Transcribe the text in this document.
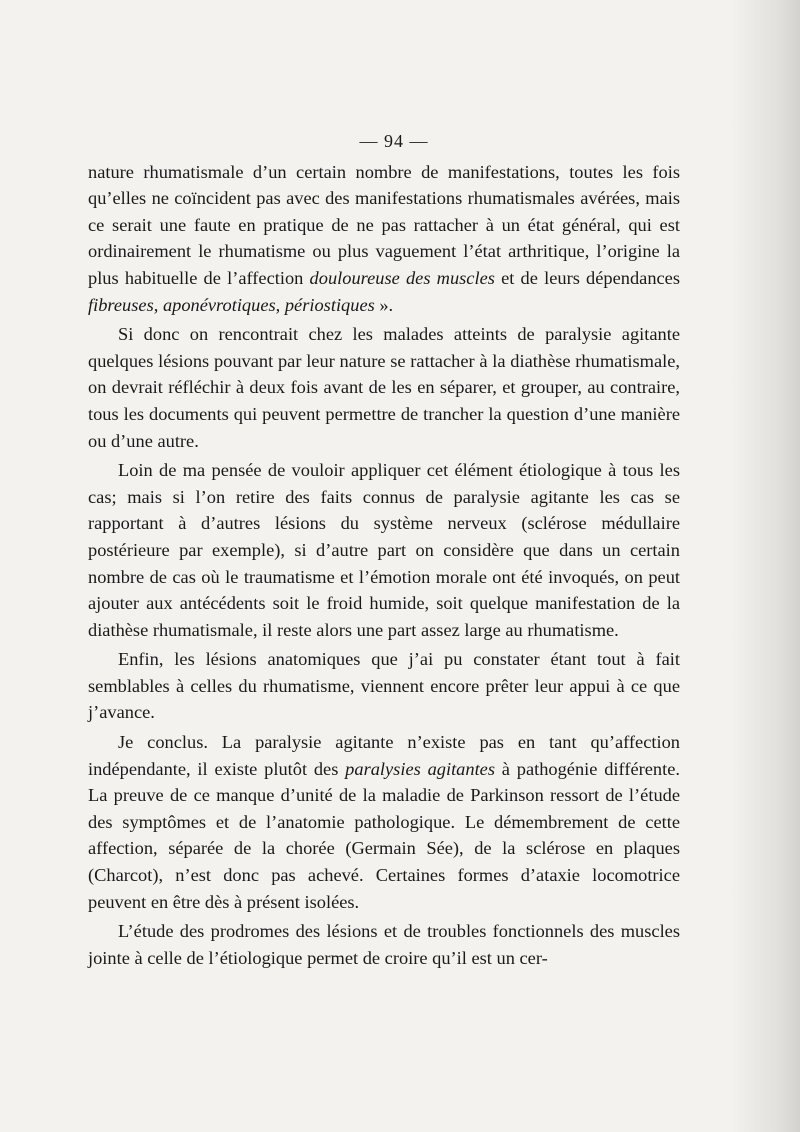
— 94 —

nature rhumatismale d’un certain nombre de manifestations, toutes les fois qu’elles ne coïncident pas avec des manifestations rhumatismales avérées, mais ce serait une faute en pratique de ne pas rattacher à un état général, qui est ordinairement le rhumatisme ou plus vaguement l’état arthritique, l’origine la plus habituelle de l’affection douloureuse des muscles et de leurs dépendances fibreuses, aponévrotiques, périostiques ».

Si donc on rencontrait chez les malades atteints de paralysie agitante quelques lésions pouvant par leur nature se rattacher à la diathèse rhumatismale, on devrait réfléchir à deux fois avant de les en séparer, et grouper, au contraire, tous les documents qui peuvent permettre de trancher la question d’une manière ou d’une autre.

Loin de ma pensée de vouloir appliquer cet élément étiologique à tous les cas; mais si l’on retire des faits connus de paralysie agitante les cas se rapportant à d’autres lésions du système nerveux (sclérose médullaire postérieure par exemple), si d’autre part on considère que dans un certain nombre de cas où le traumatisme et l’émotion morale ont été invoqués, on peut ajouter aux antécédents soit le froid humide, soit quelque manifestation de la diathèse rhumatismale, il reste alors une part assez large au rhumatisme.

Enfin, les lésions anatomiques que j’ai pu constater étant tout à fait semblables à celles du rhumatisme, viennent encore prêter leur appui à ce que j’avance.

Je conclus. La paralysie agitante n’existe pas en tant qu’affection indépendante, il existe plutôt des paralysies agitantes à pathogénie différente. La preuve de ce manque d’unité de la maladie de Parkinson ressort de l’étude des symptômes et de l’anatomie pathologique. Le démembrement de cette affection, séparée de la chorée (Germain Sée), de la sclérose en plaques (Charcot), n’est donc pas achevé. Certaines formes d’ataxie locomotrice peuvent en être dès à présent isolées.

L’étude des prodromes des lésions et de troubles fonctionnels des muscles jointe à celle de l’étiologique permet de croire qu’il est un cer-
